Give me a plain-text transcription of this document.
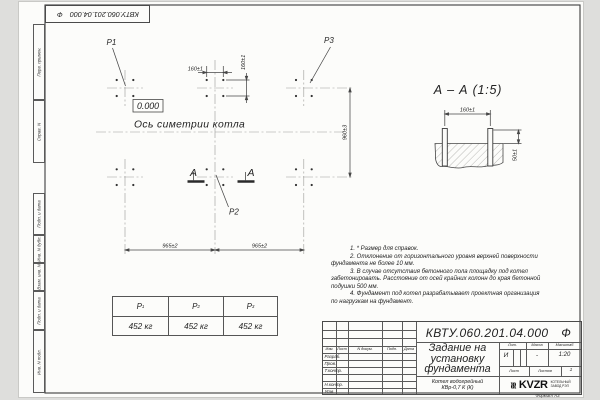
Р1	Р3
Р2
0.000
Ось симетрии котла
160±1	160±1
960±3
965±2	965±2
А	А
А – А (1:5)
160±1
50±1
КВТУ.060.201.04.000  Ф
Перв. примен.
Справ. N
Подп. и дата
Инв. N дубл.
Взам. инв. N
Подп. и дата
Инв. N подл.
1. * Размер для справок.
2. Отклонение от горизонтального уровня верхней поверхности
фундамента не более 10 мм.
3. В случае отсутствия бетонного пола площадку под котел
забетонировать. Расстояние от осей крайних колонн до края бетонной
подушки 500 мм.
4. Фундамент под котел разрабатывает проектная организация
по нагрузкам на фундамент.
Р 1	Р 2	Р 3
452 кг	452 кг	452 кг
Изм. Лист	N докум.	Подп.	Дата
Разраб.
Пров.
Т.контр.
Н.контр.
Утв.
КВТУ.060.201.04.000  Ф
Задание на
установку
фундамента
Лит.	Масса	Масштаб
И	-	1:20
Лист	Листов	1
Котел водогрейный
КВр-0,7 К (К)	≋ KVZR КОТЕЛЬНЫЙ
ЗАВОД РЭП
Формат А3
